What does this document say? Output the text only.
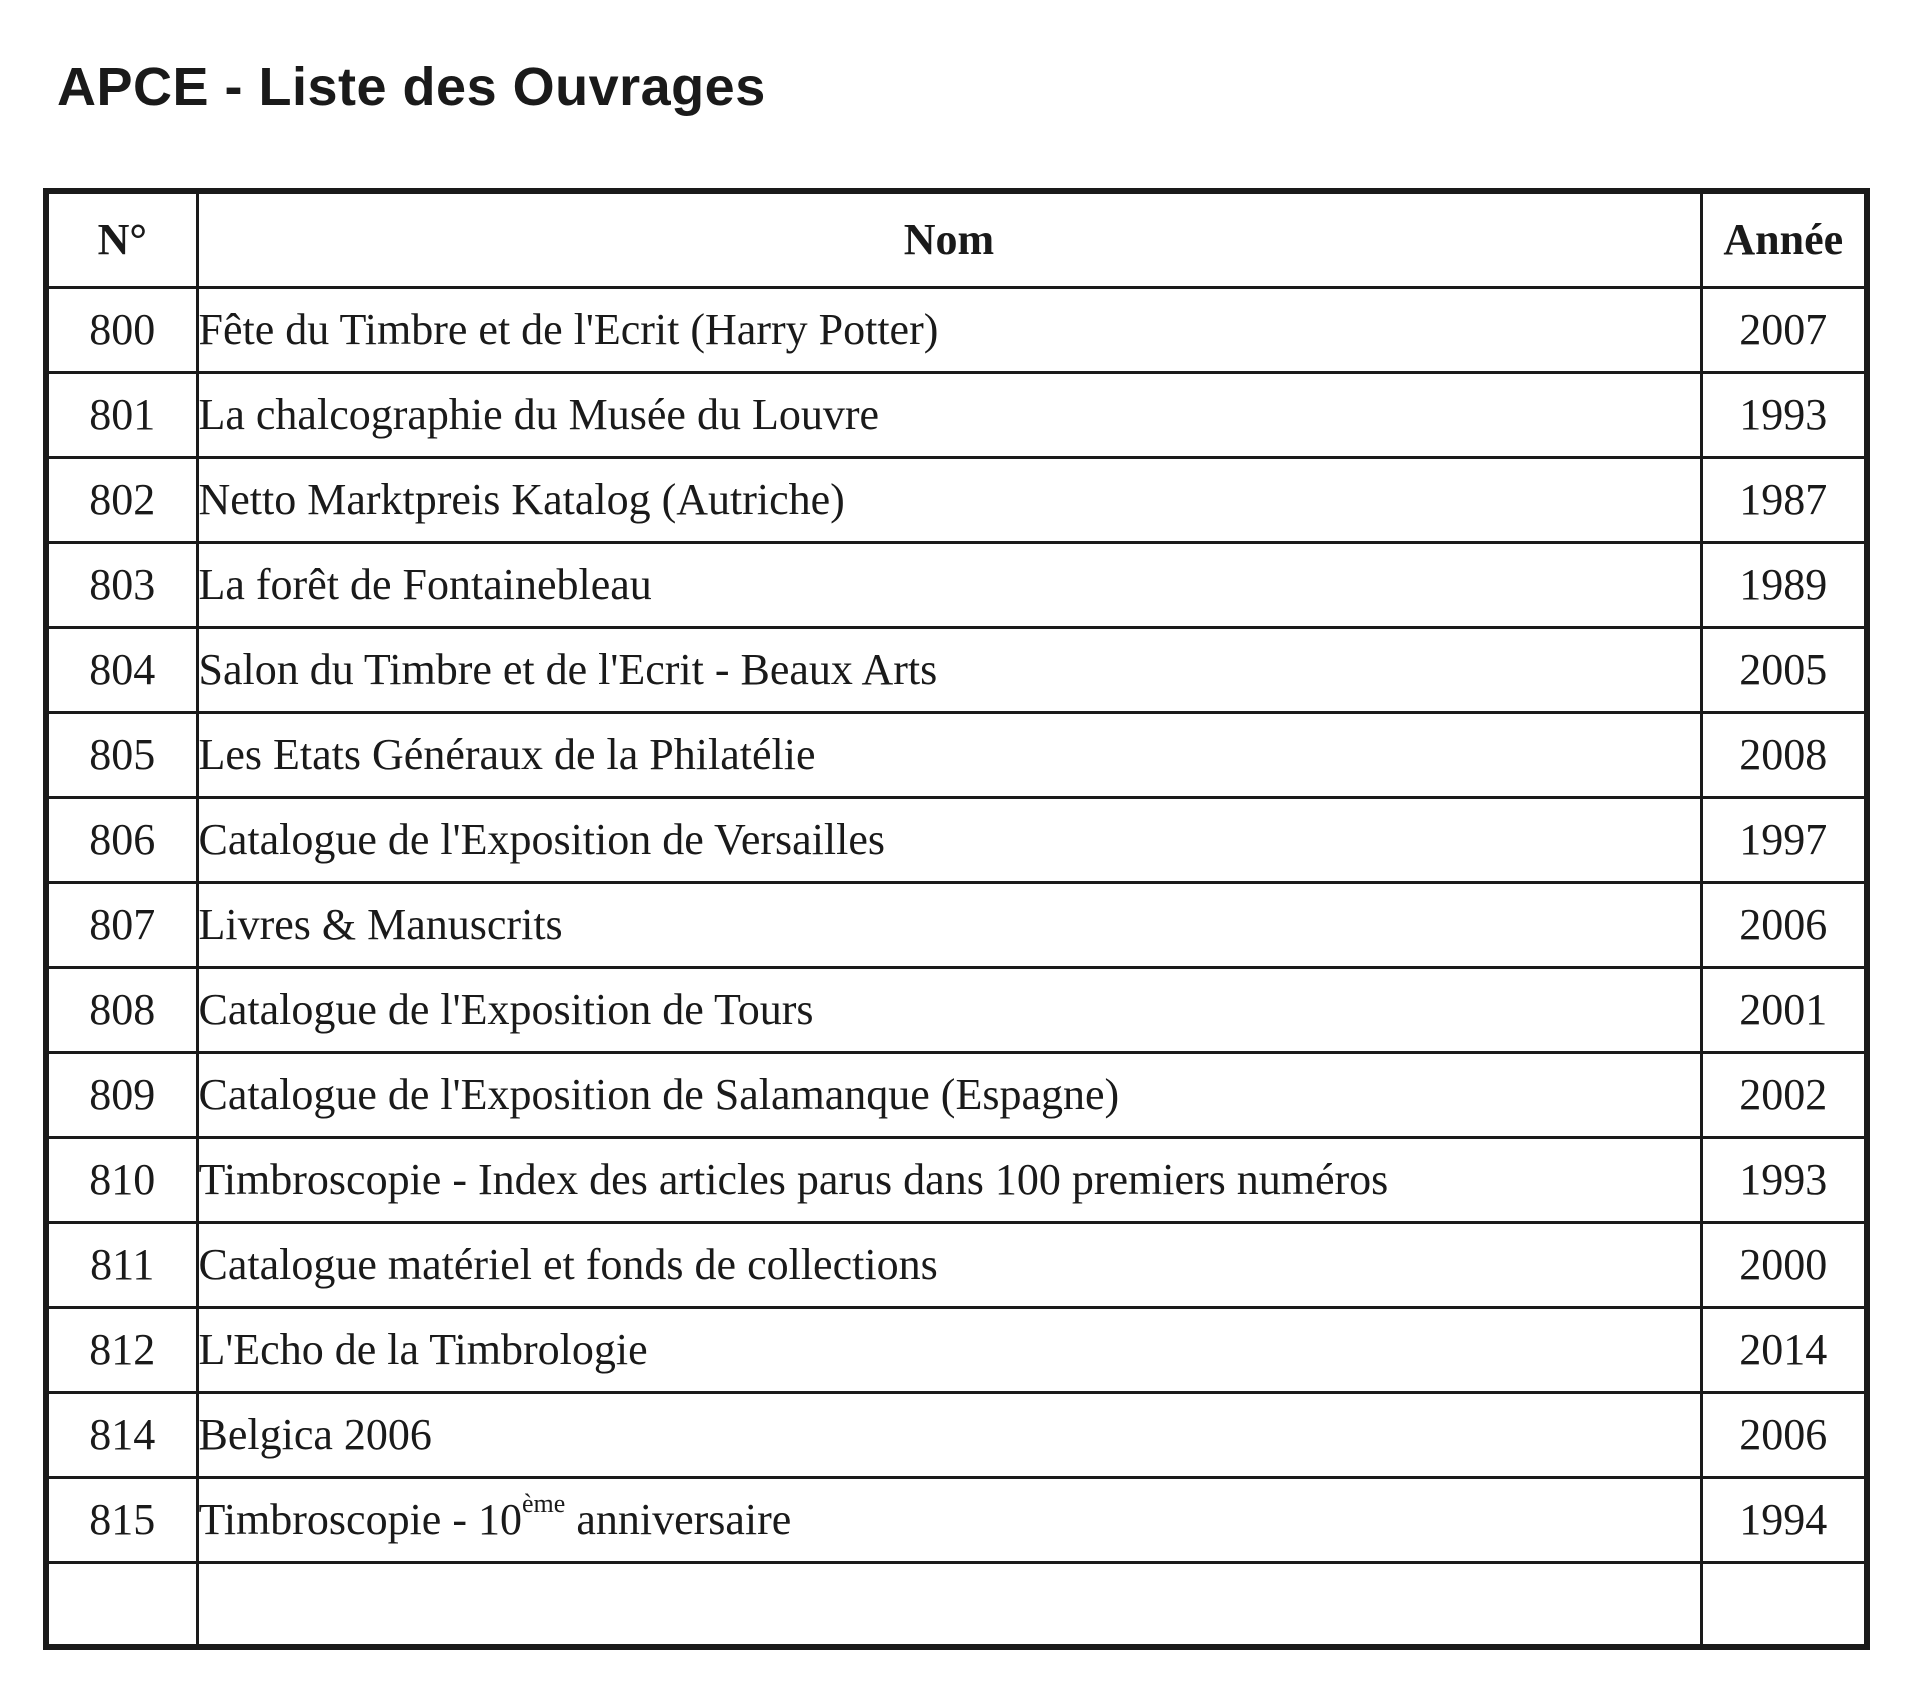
APCE - Liste des Ouvrages
N°	Nom	Année
800	Fête du Timbre et de l'Ecrit (Harry Potter)	2007
801	La chalcographie du Musée du Louvre	1993
802	Netto Marktpreis Katalog (Autriche)	1987
803	La forêt de Fontainebleau	1989
804	Salon du Timbre et de l'Ecrit - Beaux Arts	2005
805	Les Etats Généraux de la Philatélie	2008
806	Catalogue de l'Exposition de Versailles	1997
807	Livres & Manuscrits	2006
808	Catalogue de l'Exposition de Tours	2001
809	Catalogue de l'Exposition de Salamanque (Espagne)	2002
810	Timbroscopie - Index des articles parus dans 100 premiers numéros	1993
811	Catalogue matériel et fonds de collections	2000
812	L'Echo de la Timbrologie	2014
814	Belgica 2006	2006
815	Timbroscopie - 10ème anniversaire	1994
